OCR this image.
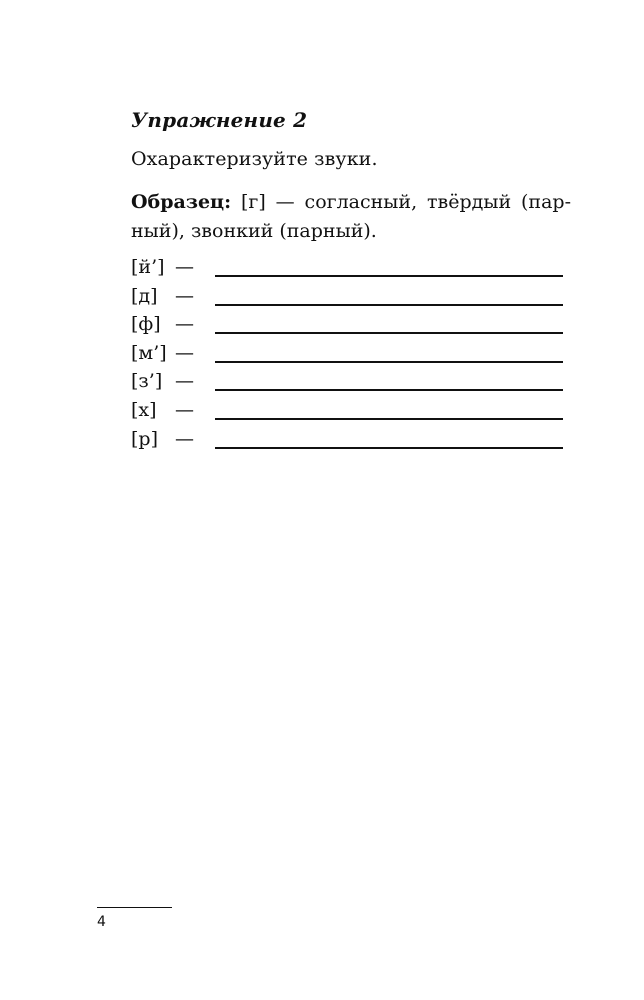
Упражнение 2
Охарактеризуйте звуки.
Образец: [г] — согласный, твёрдый (парный), звонкий (парный).
[й’] —
[д] —
[ф] —
[м’] —
[з’] —
[х] —
[р] —
4
